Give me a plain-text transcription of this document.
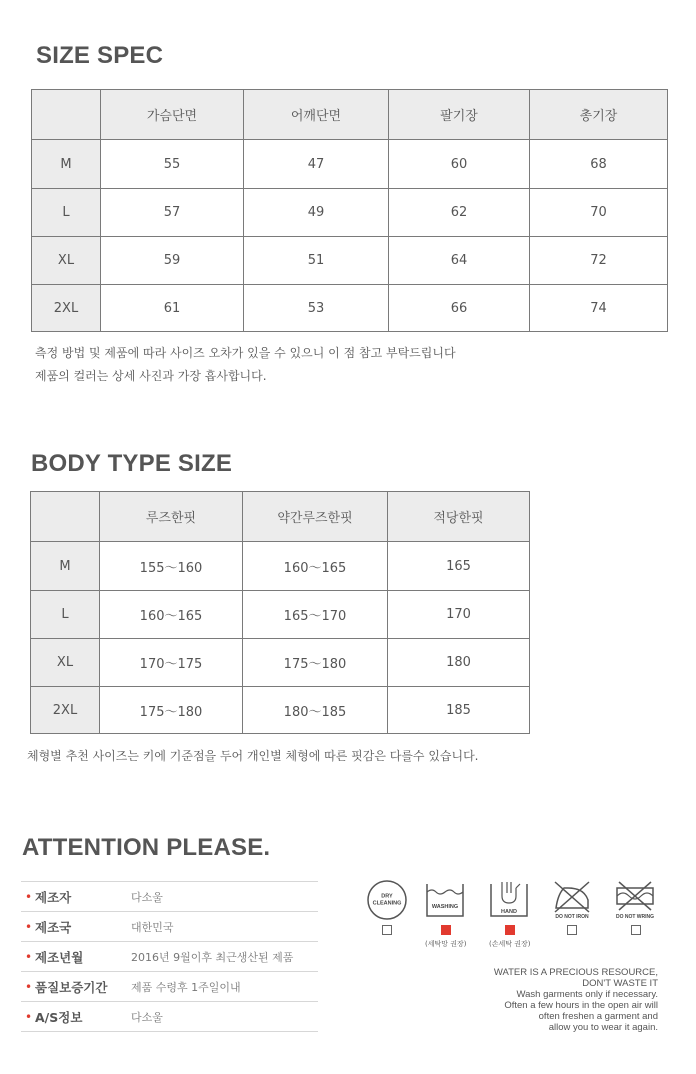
SIZE SPEC
	가슴단면	어깨단면	팔기장	총기장
M	55	47	60	68
L	57	49	62	70
XL	59	51	64	72
2XL	61	53	66	74
측정 방법 및 제품에 따라 사이즈 오차가 있을 수 있으니 이 점 참고 부탁드립니다
제품의 컬러는 상세 사진과 가장 흡사합니다.
BODY TYPE SIZE
	루즈한핏	약간루즈한핏	적당한핏
M	155～160	160～165	165
L	160～165	165～170	170
XL	170～175	175～180	180
2XL	175～180	180～185	185
체형별 추천 사이즈는 키에 기준점을 두어 개인별 체형에 따른 핏감은 다를수 있습니다.
ATTENTION PLEASE.
• 제조자	다소울
• 제조국	대한민국
• 제조년월	2016년 9월이후 최근생산된 제품
• 품질보증기간	제품 수령후 1주일이내
• A/S정보	다소울
DRY
CLEANING
WASHING
HAND
DO NOT IRON	DO NOT WRING
(세탁망 권장)	(손세탁 권장)
WATER IS A PRECIOUS RESOURCE,
DON'T WASTE IT
Wash garments only if necessary.
Often a few hours in the open air will
often freshen a garment and
allow you to wear it again.
